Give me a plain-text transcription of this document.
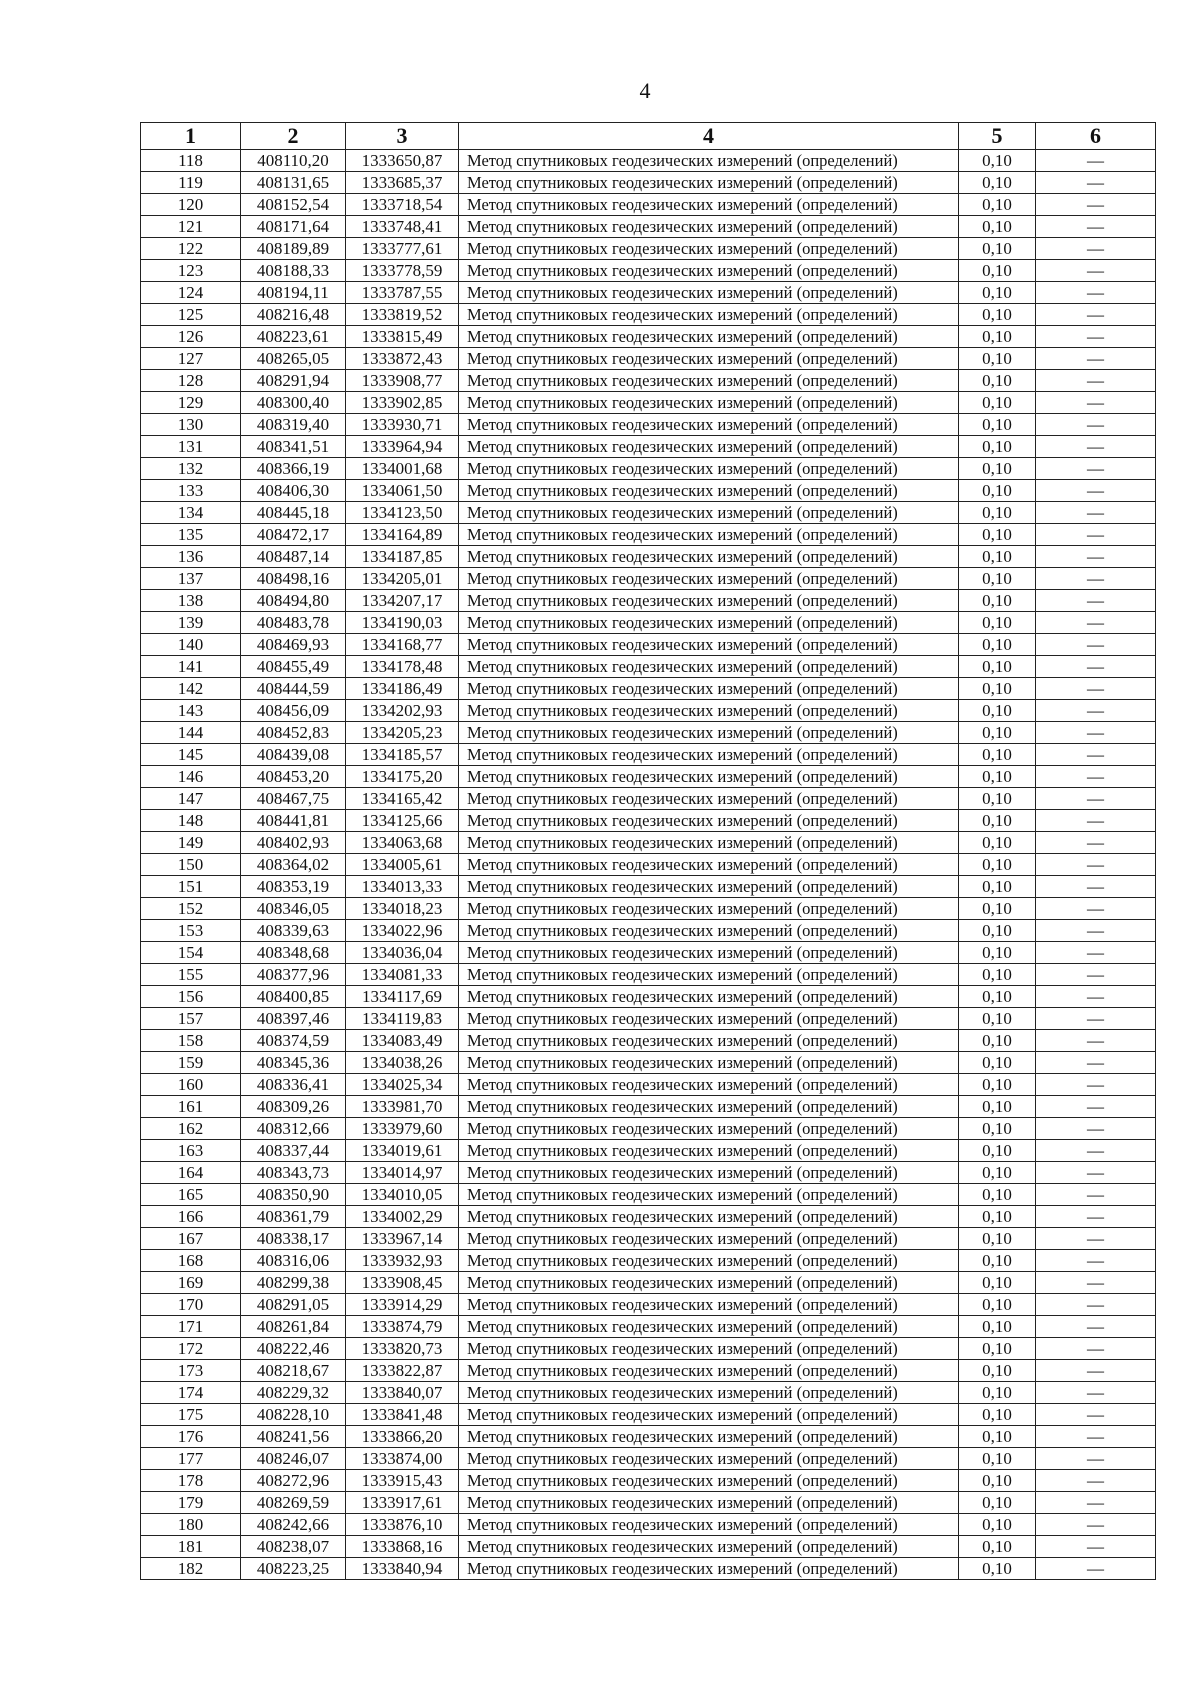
4
1	2	3	4	5	6
118	408110,20	1333650,87	Метод спутниковых геодезических измерений (определений)	0,10	—
119	408131,65	1333685,37	Метод спутниковых геодезических измерений (определений)	0,10	—
120	408152,54	1333718,54	Метод спутниковых геодезических измерений (определений)	0,10	—
121	408171,64	1333748,41	Метод спутниковых геодезических измерений (определений)	0,10	—
122	408189,89	1333777,61	Метод спутниковых геодезических измерений (определений)	0,10	—
123	408188,33	1333778,59	Метод спутниковых геодезических измерений (определений)	0,10	—
124	408194,11	1333787,55	Метод спутниковых геодезических измерений (определений)	0,10	—
125	408216,48	1333819,52	Метод спутниковых геодезических измерений (определений)	0,10	—
126	408223,61	1333815,49	Метод спутниковых геодезических измерений (определений)	0,10	—
127	408265,05	1333872,43	Метод спутниковых геодезических измерений (определений)	0,10	—
128	408291,94	1333908,77	Метод спутниковых геодезических измерений (определений)	0,10	—
129	408300,40	1333902,85	Метод спутниковых геодезических измерений (определений)	0,10	—
130	408319,40	1333930,71	Метод спутниковых геодезических измерений (определений)	0,10	—
131	408341,51	1333964,94	Метод спутниковых геодезических измерений (определений)	0,10	—
132	408366,19	1334001,68	Метод спутниковых геодезических измерений (определений)	0,10	—
133	408406,30	1334061,50	Метод спутниковых геодезических измерений (определений)	0,10	—
134	408445,18	1334123,50	Метод спутниковых геодезических измерений (определений)	0,10	—
135	408472,17	1334164,89	Метод спутниковых геодезических измерений (определений)	0,10	—
136	408487,14	1334187,85	Метод спутниковых геодезических измерений (определений)	0,10	—
137	408498,16	1334205,01	Метод спутниковых геодезических измерений (определений)	0,10	—
138	408494,80	1334207,17	Метод спутниковых геодезических измерений (определений)	0,10	—
139	408483,78	1334190,03	Метод спутниковых геодезических измерений (определений)	0,10	—
140	408469,93	1334168,77	Метод спутниковых геодезических измерений (определений)	0,10	—
141	408455,49	1334178,48	Метод спутниковых геодезических измерений (определений)	0,10	—
142	408444,59	1334186,49	Метод спутниковых геодезических измерений (определений)	0,10	—
143	408456,09	1334202,93	Метод спутниковых геодезических измерений (определений)	0,10	—
144	408452,83	1334205,23	Метод спутниковых геодезических измерений (определений)	0,10	—
145	408439,08	1334185,57	Метод спутниковых геодезических измерений (определений)	0,10	—
146	408453,20	1334175,20	Метод спутниковых геодезических измерений (определений)	0,10	—
147	408467,75	1334165,42	Метод спутниковых геодезических измерений (определений)	0,10	—
148	408441,81	1334125,66	Метод спутниковых геодезических измерений (определений)	0,10	—
149	408402,93	1334063,68	Метод спутниковых геодезических измерений (определений)	0,10	—
150	408364,02	1334005,61	Метод спутниковых геодезических измерений (определений)	0,10	—
151	408353,19	1334013,33	Метод спутниковых геодезических измерений (определений)	0,10	—
152	408346,05	1334018,23	Метод спутниковых геодезических измерений (определений)	0,10	—
153	408339,63	1334022,96	Метод спутниковых геодезических измерений (определений)	0,10	—
154	408348,68	1334036,04	Метод спутниковых геодезических измерений (определений)	0,10	—
155	408377,96	1334081,33	Метод спутниковых геодезических измерений (определений)	0,10	—
156	408400,85	1334117,69	Метод спутниковых геодезических измерений (определений)	0,10	—
157	408397,46	1334119,83	Метод спутниковых геодезических измерений (определений)	0,10	—
158	408374,59	1334083,49	Метод спутниковых геодезических измерений (определений)	0,10	—
159	408345,36	1334038,26	Метод спутниковых геодезических измерений (определений)	0,10	—
160	408336,41	1334025,34	Метод спутниковых геодезических измерений (определений)	0,10	—
161	408309,26	1333981,70	Метод спутниковых геодезических измерений (определений)	0,10	—
162	408312,66	1333979,60	Метод спутниковых геодезических измерений (определений)	0,10	—
163	408337,44	1334019,61	Метод спутниковых геодезических измерений (определений)	0,10	—
164	408343,73	1334014,97	Метод спутниковых геодезических измерений (определений)	0,10	—
165	408350,90	1334010,05	Метод спутниковых геодезических измерений (определений)	0,10	—
166	408361,79	1334002,29	Метод спутниковых геодезических измерений (определений)	0,10	—
167	408338,17	1333967,14	Метод спутниковых геодезических измерений (определений)	0,10	—
168	408316,06	1333932,93	Метод спутниковых геодезических измерений (определений)	0,10	—
169	408299,38	1333908,45	Метод спутниковых геодезических измерений (определений)	0,10	—
170	408291,05	1333914,29	Метод спутниковых геодезических измерений (определений)	0,10	—
171	408261,84	1333874,79	Метод спутниковых геодезических измерений (определений)	0,10	—
172	408222,46	1333820,73	Метод спутниковых геодезических измерений (определений)	0,10	—
173	408218,67	1333822,87	Метод спутниковых геодезических измерений (определений)	0,10	—
174	408229,32	1333840,07	Метод спутниковых геодезических измерений (определений)	0,10	—
175	408228,10	1333841,48	Метод спутниковых геодезических измерений (определений)	0,10	—
176	408241,56	1333866,20	Метод спутниковых геодезических измерений (определений)	0,10	—
177	408246,07	1333874,00	Метод спутниковых геодезических измерений (определений)	0,10	—
178	408272,96	1333915,43	Метод спутниковых геодезических измерений (определений)	0,10	—
179	408269,59	1333917,61	Метод спутниковых геодезических измерений (определений)	0,10	—
180	408242,66	1333876,10	Метод спутниковых геодезических измерений (определений)	0,10	—
181	408238,07	1333868,16	Метод спутниковых геодезических измерений (определений)	0,10	—
182	408223,25	1333840,94	Метод спутниковых геодезических измерений (определений)	0,10	—
